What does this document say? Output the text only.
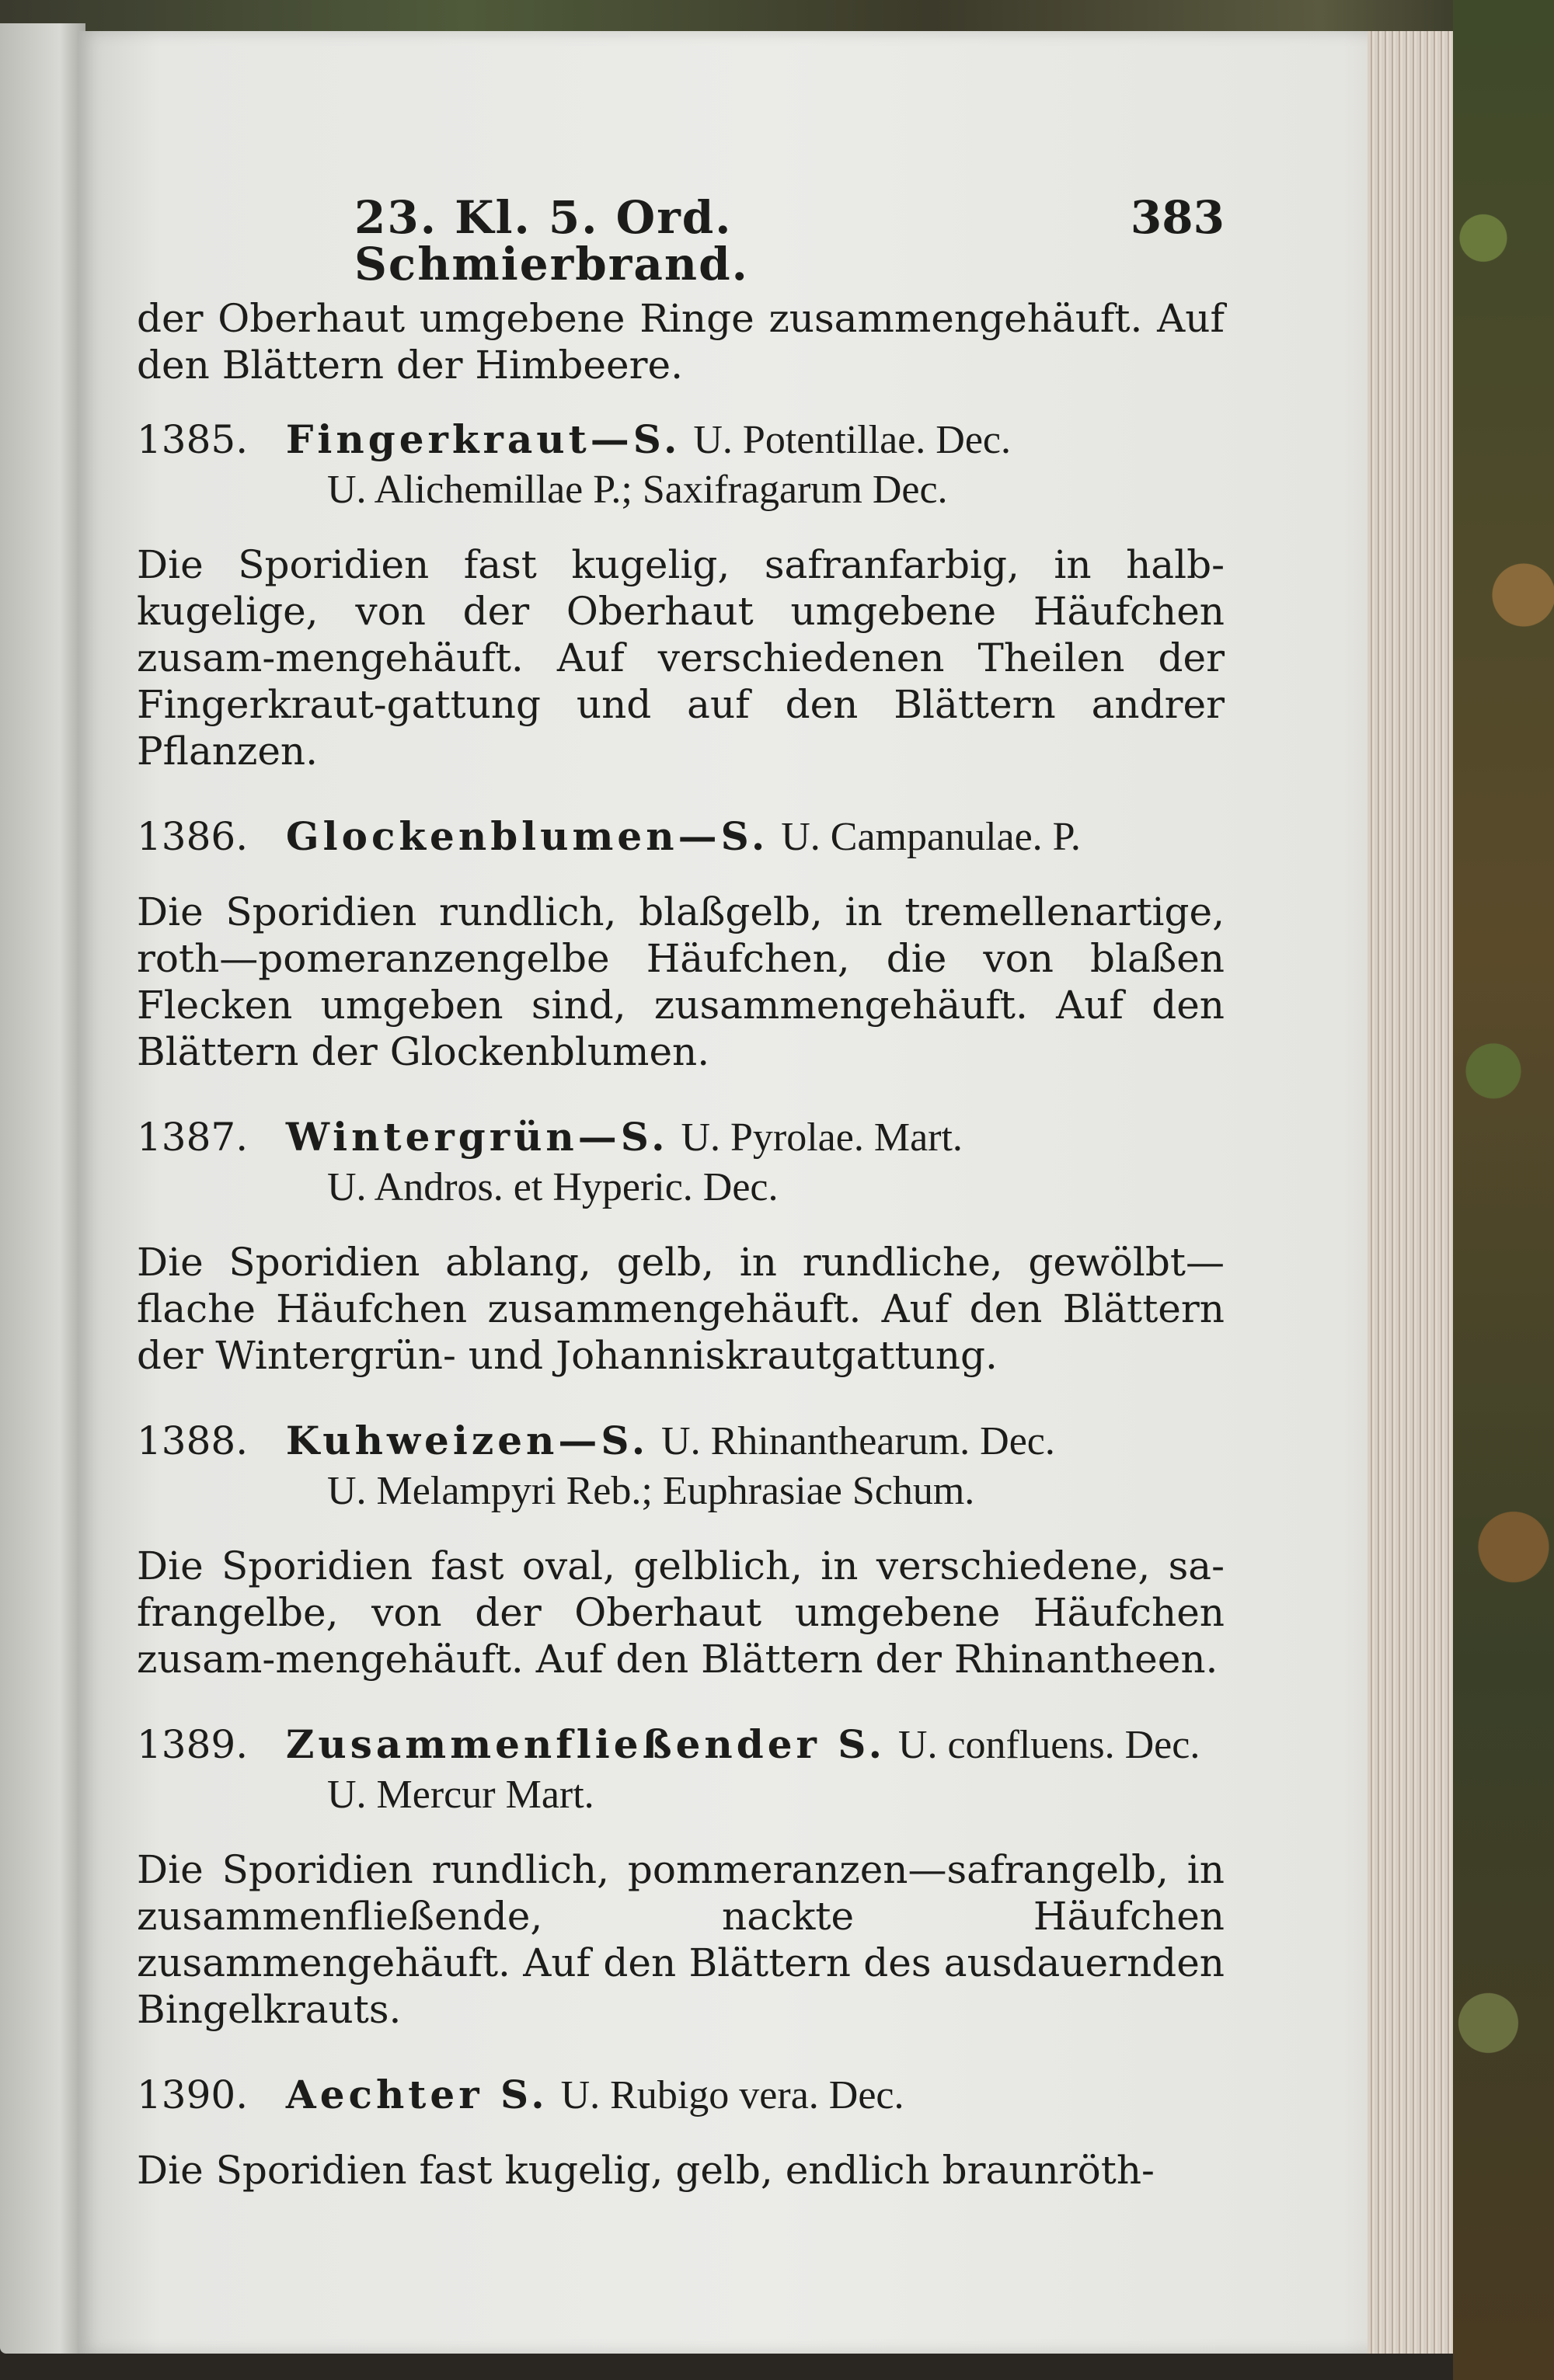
23. Kl. 5. Ord. Schmierbrand.
383

der Oberhaut umgebene Ringe zusammengehäuft. Auf den Blättern der Himbeere.

1385. Fingerkraut—S. U. Potentillae. Dec.
U. Alichemillae P.; Saxifragarum Dec.

Die Sporidien fast kugelig, safranfarbig, in halb-kugelige, von der Oberhaut umgebene Häufchen zusam-mengehäuft. Auf verschiedenen Theilen der Fingerkraut-gattung und auf den Blättern andrer Pflanzen.

1386. Glockenblumen—S. U. Campanulae. P.

Die Sporidien rundlich, blaßgelb, in tremellenartige, roth—pomeranzengelbe Häufchen, die von blaßen Flecken umgeben sind, zusammengehäuft. Auf den Blättern der Glockenblumen.

1387. Wintergrün—S. U. Pyrolae. Mart.
U. Andros. et Hyperic. Dec.

Die Sporidien ablang, gelb, in rundliche, gewölbt—flache Häufchen zusammengehäuft. Auf den Blättern der Wintergrün- und Johanniskrautgattung.

1388. Kuhweizen—S. U. Rhinanthearum. Dec.
U. Melampyri Reb.; Euphrasiae Schum.

Die Sporidien fast oval, gelblich, in verschiedene, sa-frangelbe, von der Oberhaut umgebene Häufchen zusam-mengehäuft. Auf den Blättern der Rhinantheen.

1389. Zusammenfließender S. U. confluens. Dec.
U. Mercur Mart.

Die Sporidien rundlich, pommeranzen—safrangelb, in zusammenfließende, nackte Häufchen zusammengehäuft. Auf den Blättern des ausdauernden Bingelkrauts.

1390. Aechter S. U. Rubigo vera. Dec.

Die Sporidien fast kugelig, gelb, endlich braunröth-
